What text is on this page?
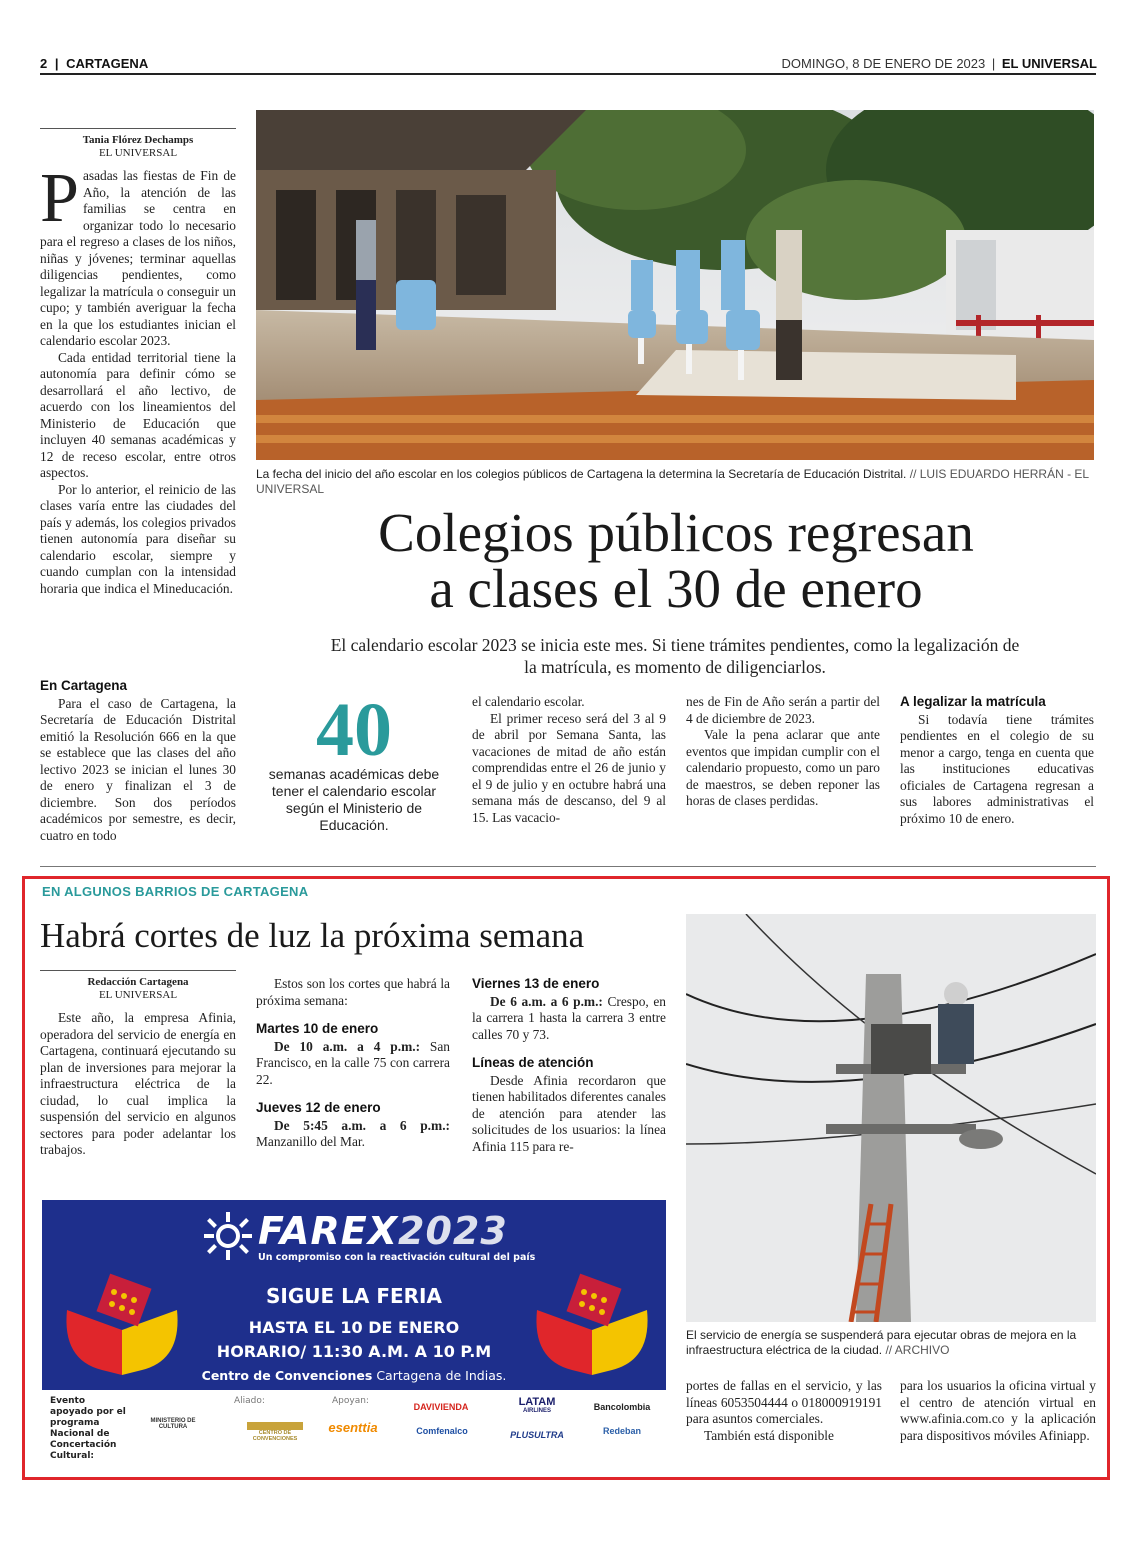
2 | CARTAGENA	DOMINGO, 8 DE ENERO DE 2023 | EL UNIVERSAL
Tania Flórez Dechamps
EL UNIVERSAL

Pasadas las fiestas de Fin de Año, la atención de las familias se centra en organizar todo lo necesario para el regreso a clases de los niños, niñas y jóvenes; terminar aquellas diligencias pendientes, como legalizar la matrícula o conseguir un cupo; y también averiguar la fecha en la que los estudiantes inician el calendario escolar 2023.

Cada entidad territorial tiene la autonomía para definir cómo se desarrollará el año lectivo, de acuerdo con los lineamientos del Ministerio de Educación que incluyen 40 semanas académicas y 12 de receso escolar, entre otros aspectos.

Por lo anterior, el reinicio de las clases varía entre las ciudades del país y además, los colegios privados tienen autonomía para diseñar su calendario escolar, siempre y cuando cumplan con la intensidad horaria que indica el Mineducación.

La fecha del inicio del año escolar en los colegios públicos de Cartagena la determina la Secretaría de Educación Distrital. // LUIS EDUARDO HERRÁN - EL UNIVERSAL
Colegios públicos regresan
a clases el 30 de enero
El calendario escolar 2023 se inicia este mes. Si tiene trámites pendientes, como la legalización de la matrícula, es momento de diligenciarlos.
En Cartagena

Para el caso de Cartagena, la Secretaría de Educación Distrital emitió la Resolución 666 en la que se establece que las clases del año lectivo 2023 se inician el lunes 30 de enero y finalizan el 3 de diciembre. Son dos períodos académicos por semestre, es decir, cuatro en todo

40
semanas académicas debe tener el calendario escolar según el Ministerio de Educación.

el calendario escolar.

El primer receso será del 3 al 9 de abril por Semana Santa, las vacaciones de mitad de año están comprendidas entre el 26 de junio y el 9 de julio y en octubre habrá una semana más de descanso, del 9 al 15. Las vacacio-

nes de Fin de Año serán a partir del 4 de diciembre de 2023.

Vale la pena aclarar que ante eventos que impidan cumplir con el calendario propuesto, como un paro de maestros, se deben reponer las horas de clases perdidas.

A legalizar la matrícula

Si todavía tiene trámites pendientes en el colegio de su menor a cargo, tenga en cuenta que las instituciones educativas oficiales de Cartagena regresan a sus labores administrativas el próximo 10 de enero.

EN ALGUNOS BARRIOS DE CARTAGENA
Habrá cortes de luz la próxima semana
Redacción Cartagena
EL UNIVERSAL

Este año, la empresa Afinia, operadora del servicio de energía en Cartagena, continuará ejecutando su plan de inversiones para mejorar la infraestructura eléctrica de la ciudad, lo cual implica la suspensión del servicio en algunos sectores para poder adelantar los trabajos.

Estos son los cortes que habrá la próxima semana:

Martes 10 de enero

De 10 a.m. a 4 p.m.: San Francisco, en la calle 75 con carrera 22.

Jueves 12 de enero

De 5:45 a.m. a 6 p.m.: Manzanillo del Mar.

Viernes 13 de enero

De 6 a.m. a 6 p.m.: Crespo, en la carrera 1 hasta la carrera 3 entre calles 70 y 73.

Líneas de atención

Desde Afinia recordaron que tienen habilitados diferentes canales de atención para atender las solicitudes de los usuarios: la línea Afinia 115 para re-

El servicio de energía se suspenderá para ejecutar obras de mejora en la infraestructura eléctrica de la ciudad. // ARCHIVO

portes de fallas en el servicio, y las líneas 6053504444 o 018000919191 para asuntos comerciales.

También está disponible

para los usuarios la oficina virtual y el centro de atención virtual en www.afinia.com.co y la aplicación para dispositivos móviles Afiniapp.

FAREX2023
Un compromiso con la reactivación cultural del país
SIGUE LA FERIA
HASTA EL 10 DE ENERO
HORARIO/ 11:30 A.M. A 10 P.M
Centro de Convenciones Cartagena de Indias.
Evento apoyado por el programa Nacional de Concertación Cultural:
MINISTERIO DE CULTURA
Aliado:	Apoyan:
CENTRO DE CONVENCIONES
esenttia
DAVIVIENDA
Comfenalco
LATAM
AIRLINES
PLUSULTRA
Bancolombia
Redeban
